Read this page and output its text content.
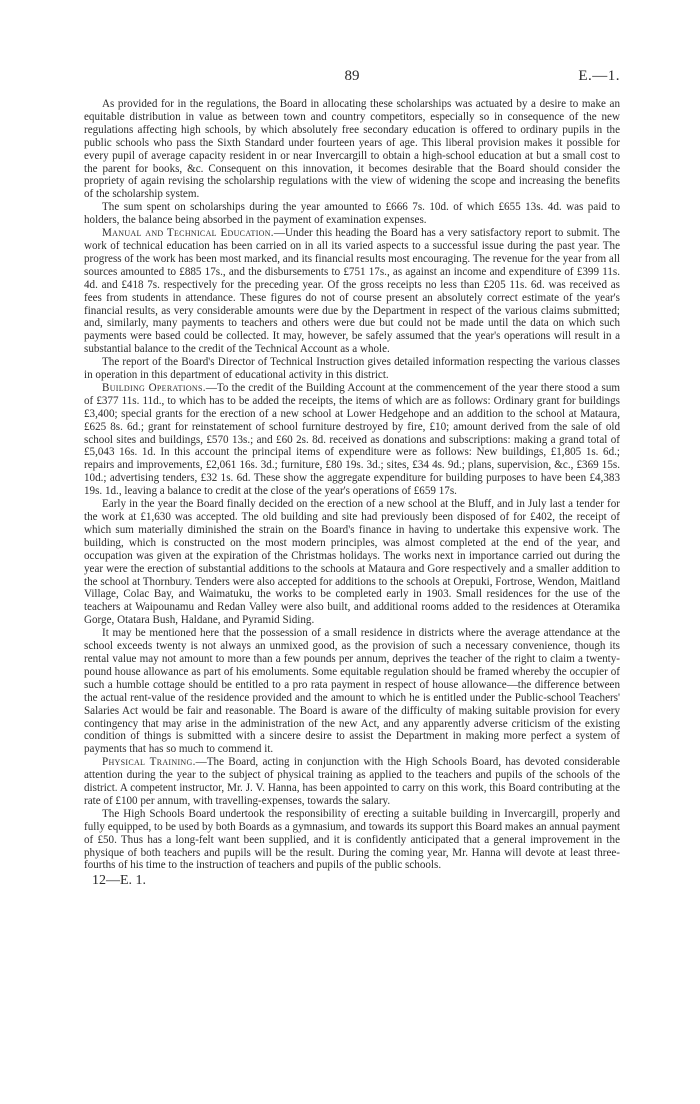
89	E.—1.

As provided for in the regulations, the Board in allocating these scholarships was actuated by a desire to make an equitable distribution in value as between town and country competitors, especially so in consequence of the new regulations affecting high schools, by which absolutely free secondary education is offered to ordinary pupils in the public schools who pass the Sixth Standard under fourteen years of age. This liberal provision makes it possible for every pupil of average capacity resident in or near Invercargill to obtain a high-school education at but a small cost to the parent for books, &c. Consequent on this innovation, it becomes desirable that the Board should consider the propriety of again revising the scholarship regulations with the view of widening the scope and increasing the benefits of the scholarship system.

The sum spent on scholarships during the year amounted to £666 7s. 10d. of which £655 13s. 4d. was paid to holders, the balance being absorbed in the payment of examination expenses.

Manual and Technical Education.—Under this heading the Board has a very satisfactory report to submit. The work of technical education has been carried on in all its varied aspects to a successful issue during the past year. The progress of the work has been most marked, and its financial results most encouraging. The revenue for the year from all sources amounted to £885 17s., and the disbursements to £751 17s., as against an income and expenditure of £399 11s. 4d. and £418 7s. respectively for the preceding year. Of the gross receipts no less than £205 11s. 6d. was received as fees from students in attendance. These figures do not of course present an absolutely correct estimate of the year's financial results, as very considerable amounts were due by the Department in respect of the various claims submitted; and, similarly, many payments to teachers and others were due but could not be made until the data on which such payments were based could be collected. It may, however, be safely assumed that the year's operations will result in a substantial balance to the credit of the Technical Account as a whole.

The report of the Board's Director of Technical Instruction gives detailed information respecting the various classes in operation in this department of educational activity in this district.

Building Operations.—To the credit of the Building Account at the commencement of the year there stood a sum of £377 11s. 11d., to which has to be added the receipts, the items of which are as follows: Ordinary grant for buildings £3,400; special grants for the erection of a new school at Lower Hedgehope and an addition to the school at Mataura, £625 8s. 6d.; grant for reinstatement of school furniture destroyed by fire, £10; amount derived from the sale of old school sites and buildings, £570 13s.; and £60 2s. 8d. received as donations and subscriptions: making a grand total of £5,043 16s. 1d. In this account the principal items of expenditure were as follows: New buildings, £1,805 1s. 6d.; repairs and improvements, £2,061 16s. 3d.; furniture, £80 19s. 3d.; sites, £34 4s. 9d.; plans, supervision, &c., £369 15s. 10d.; advertising tenders, £32 1s. 6d. These show the aggregate expenditure for building purposes to have been £4,383 19s. 1d., leaving a balance to credit at the close of the year's operations of £659 17s.

Early in the year the Board finally decided on the erection of a new school at the Bluff, and in July last a tender for the work at £1,630 was accepted. The old building and site had previously been disposed of for £402, the receipt of which sum materially diminished the strain on the Board's finance in having to undertake this expensive work. The building, which is constructed on the most modern principles, was almost completed at the end of the year, and occupation was given at the expiration of the Christmas holidays. The works next in importance carried out during the year were the erection of substantial additions to the schools at Mataura and Gore respectively and a smaller addition to the school at Thornbury. Tenders were also accepted for additions to the schools at Orepuki, Fortrose, Wendon, Maitland Village, Colac Bay, and Waimatuku, the works to be completed early in 1903. Small residences for the use of the teachers at Waipounamu and Redan Valley were also built, and additional rooms added to the residences at Oteramika Gorge, Otatara Bush, Haldane, and Pyramid Siding.

It may be mentioned here that the possession of a small residence in districts where the average attendance at the school exceeds twenty is not always an unmixed good, as the provision of such a necessary convenience, though its rental value may not amount to more than a few pounds per annum, deprives the teacher of the right to claim a twenty-pound house allowance as part of his emoluments. Some equitable regulation should be framed whereby the occupier of such a humble cottage should be entitled to a pro rata payment in respect of house allowance—the difference between the actual rent-value of the residence provided and the amount to which he is entitled under the Public-school Teachers' Salaries Act would be fair and reasonable. The Board is aware of the difficulty of making suitable provision for every contingency that may arise in the administration of the new Act, and any apparently adverse criticism of the existing condition of things is submitted with a sincere desire to assist the Department in making more perfect a system of payments that has so much to commend it.

Physical Training.—The Board, acting in conjunction with the High Schools Board, has devoted considerable attention during the year to the subject of physical training as applied to the teachers and pupils of the schools of the district. A competent instructor, Mr. J. V. Hanna, has been appointed to carry on this work, this Board contributing at the rate of £100 per annum, with travelling-expenses, towards the salary.

The High Schools Board undertook the responsibility of erecting a suitable building in Invercargill, properly and fully equipped, to be used by both Boards as a gymnasium, and towards its support this Board makes an annual payment of £50. Thus has a long-felt want been supplied, and it is confidently anticipated that a general improvement in the physique of both teachers and pupils will be the result. During the coming year, Mr. Hanna will devote at least three-fourths of his time to the instruction of teachers and pupils of the public schools.

12—E. 1.
